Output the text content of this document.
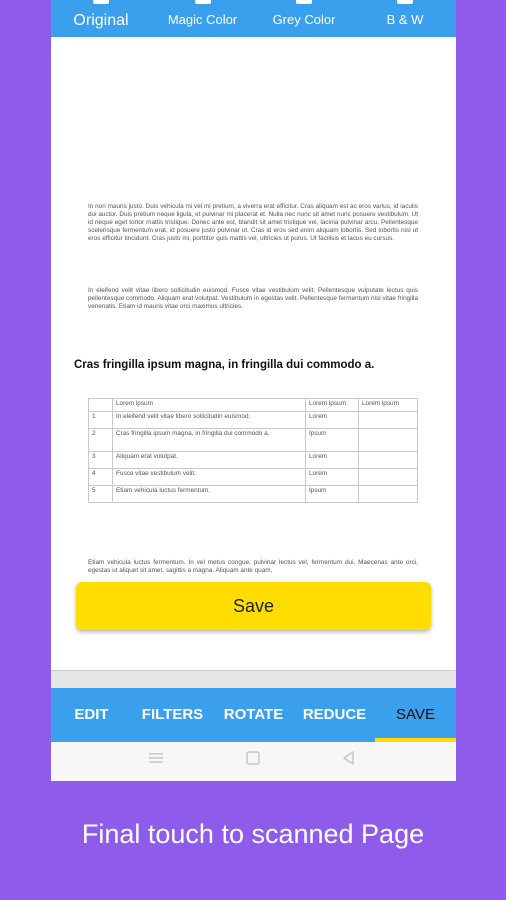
Original	Magic Color	Grey Color	B & W

In non mauris justo. Duis vehicula mi vel mi pretium, a viverra erat efficitur. Cras aliquam est ac eros varius, id iaculis dui auctor. Duis pretium neque ligula, et pulvinar mi placerat et. Nulla nec nunc sit amet nunc posuere vestibulum. Ut id neque eget tortor mattis tristique. Donec ante est, blandit sit amet tristique vel, lacinia pulvinar arcu. Pellentesque scelerisque fermentum erat, id posuere justo pulvinar ut. Cras id eros sed enim aliquam lobortis. Sed lobortis nisl ut eros efficitur tincidunt. Cras justo mi, porttitor quis mattis vel, ultricies ut purus. Ut facilisis et lacus eu cursus.

In eleifend velit vitae libero sollicitudin euismod. Fusce vitae vestibulum velit. Pellentesque vulputate lectus quis pellentesque commodo. Aliquam erat volutpat. Vestibulum in egestas velit. Pellentesque fermentum nisl vitae fringilla venenatis. Etiam id mauris vitae orci maximus ultricies.

Cras fringilla ipsum magna, in fringilla dui commodo a.
	Lorem ipsum	Lorem ipsum	Lorem ipsum
1	In eleifend velit vitae libero sollicitudin euismod.	Lorem	
2	Cras fringilla ipsum magna, in fringilla dui commodo a.	Ipsum	
3	Aliquam erat volutpat.	Lorem	
4	Fusce vitae vestibulum velit.	Lorem	
5	Etiam vehicula luctus fermentum.	Ipsum	

Etiam vehicula luctus fermentum. In vel metus congue, pulvinar lectus vel, fermentum dui. Maecenas ante orci, egestas ut aliquet sit amet, sagittis a magna. Aliquam ante quam,

Save
EDIT	FILTERS	ROTATE	REDUCE	SAVE
Final touch to scanned Page
